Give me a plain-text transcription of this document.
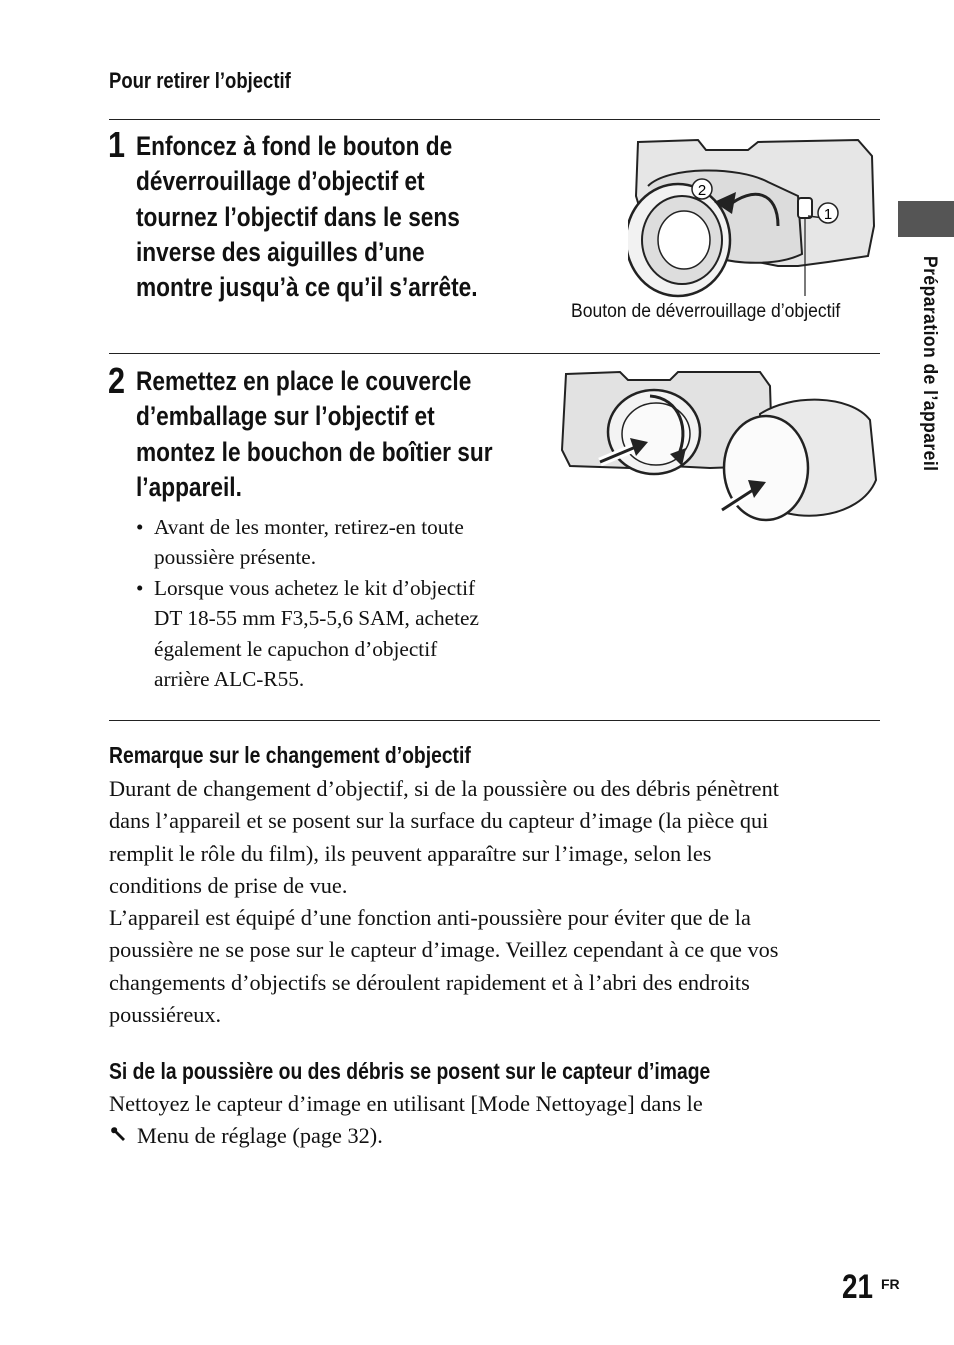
Pour retirer l’objectif
1 Enfoncez à fond le bouton de
déverrouillage d’objectif et
tournez l’objectif dans le sens
inverse des aiguilles d’une
montre jusqu’à ce qu’il s’arrête.
2
1
Bouton de déverrouillage d’objectif
2 Remettez en place le couvercle
d’emballage sur l’objectif et
montez le bouchon de boîtier sur
l’appareil.
• Avant de les monter, retirez-en toute
poussière présente.
• Lorsque vous achetez le kit d’objectif
DT 18-55 mm F3,5-5,6 SAM, achetez
également le capuchon d’objectif
arrière ALC-R55.
Remarque sur le changement d’objectif
Durant de changement d’objectif, si de la poussière ou des débris pénètrent
dans l’appareil et se posent sur la surface du capteur d’image (la pièce qui
remplit le rôle du film), ils peuvent apparaître sur l’image, selon les
conditions de prise de vue.
L’appareil est équipé d’une fonction anti-poussière pour éviter que de la
poussière ne se pose sur le capteur d’image. Veillez cependant à ce que vos
changements d’objectifs se déroulent rapidement et à l’abri des endroits
poussiéreux.
Si de la poussière ou des débris se posent sur le capteur d’image
Nettoyez le capteur d’image en utilisant [Mode Nettoyage] dans le
Menu de réglage (page 32).
Préparation de l’appareil
21 FR
